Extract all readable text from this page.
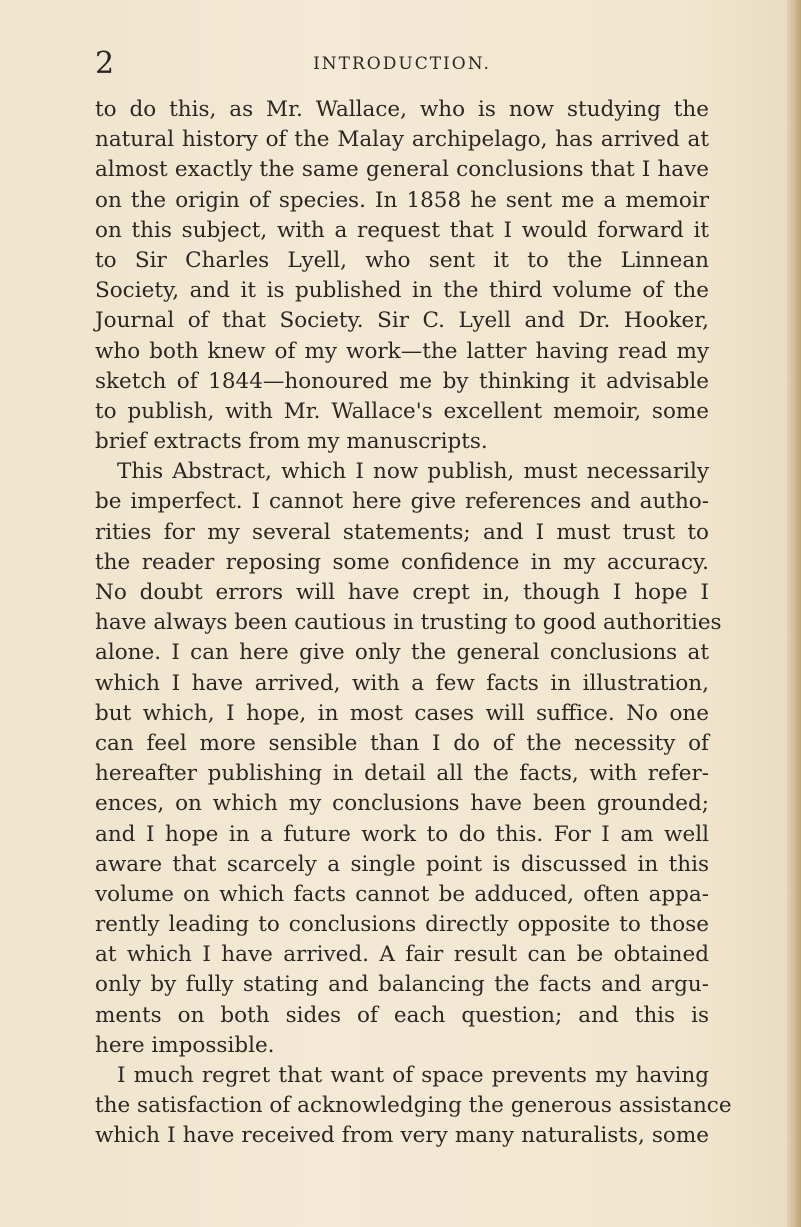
2	INTRODUCTION.
to do this, as Mr. Wallace, who is now studying the
natural history of the Malay archipelago, has arrived at
almost exactly the same general conclusions that I have
on the origin of species. In 1858 he sent me a memoir
on this subject, with a request that I would forward it
to Sir Charles Lyell, who sent it to the Linnean
Society, and it is published in the third volume of the
Journal of that Society. Sir C. Lyell and Dr. Hooker,
who both knew of my work—the latter having read my
sketch of 1844—honoured me by thinking it advisable
to publish, with Mr. Wallace's excellent memoir, some
brief extracts from my manuscripts.
This Abstract, which I now publish, must necessarily
be imperfect. I cannot here give references and autho-
rities for my several statements; and I must trust to
the reader reposing some confidence in my accuracy.
No doubt errors will have crept in, though I hope I
have always been cautious in trusting to good authorities
alone. I can here give only the general conclusions at
which I have arrived, with a few facts in illustration,
but which, I hope, in most cases will suffice. No one
can feel more sensible than I do of the necessity of
hereafter publishing in detail all the facts, with refer-
ences, on which my conclusions have been grounded;
and I hope in a future work to do this. For I am well
aware that scarcely a single point is discussed in this
volume on which facts cannot be adduced, often appa-
rently leading to conclusions directly opposite to those
at which I have arrived. A fair result can be obtained
only by fully stating and balancing the facts and argu-
ments on both sides of each question; and this is
here impossible.
I much regret that want of space prevents my having
the satisfaction of acknowledging the generous assistance
which I have received from very many naturalists, some
